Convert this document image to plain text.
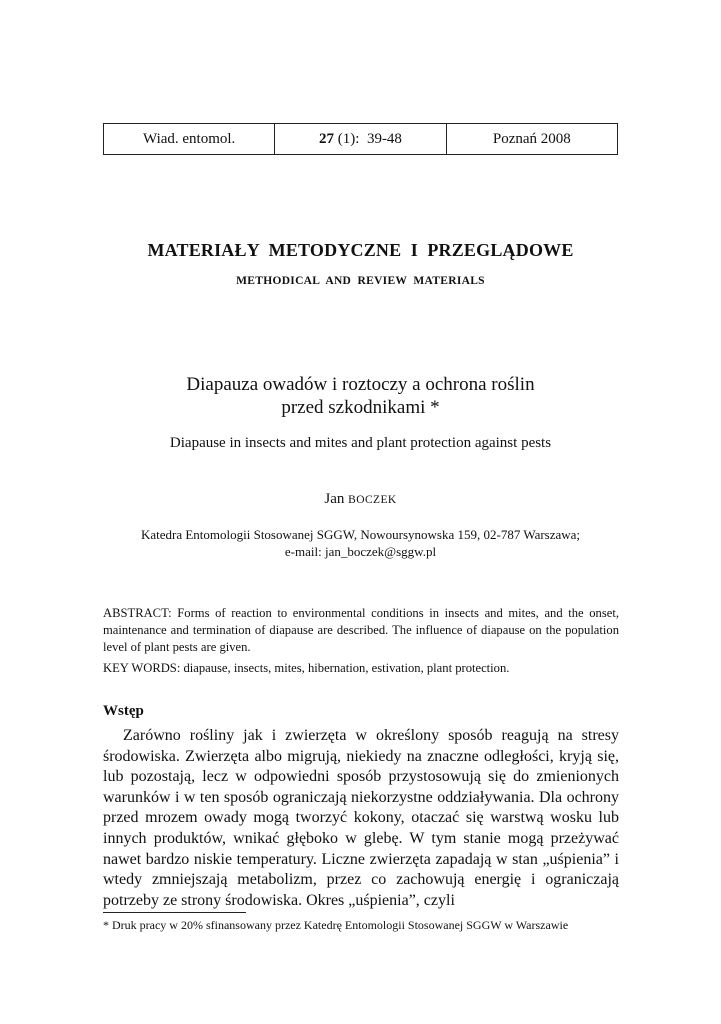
Wiad. entomol.	27 (1):  39-48	Poznań 2008
MATERIAŁY  METODYCZNE  I  PRZEGLĄDOWE
METHODICAL  AND  REVIEW  MATERIALS
Diapauza owadów i roztoczy a ochrona roślin
przed szkodnikami *
Diapause in insects and mites and plant protection against pests
Jan BOCZEK
Katedra Entomologii Stosowanej SGGW, Nowoursynowska 159, 02-787 Warszawa;
e-mail: jan_boczek@sggw.pl
ABSTRACT: Forms of reaction to environmental conditions in insects and mites, and the onset, maintenance and termination of diapause are described. The influence of diapause on the population level of plant pests are given.
KEY WORDS: diapause, insects, mites, hibernation, estivation, plant protection.
Wstęp
Zarówno rośliny jak i zwierzęta w określony sposób reagują na stresy środowiska. Zwierzęta albo migrują, niekiedy na znaczne odległości, kryją się, lub pozostają, lecz w odpowiedni sposób przystosowują się do zmienionych warunków i w ten sposób ograniczają niekorzystne oddziaływania. Dla ochrony przed mrozem owady mogą tworzyć kokony, otaczać się warstwą wosku lub innych produktów, wnikać głęboko w glebę. W tym stanie mogą przeżywać nawet bardzo niskie temperatury. Liczne zwierzęta zapadają w stan „uśpienia” i wtedy zmniejszają metabolizm, przez co zachowują energię i ograniczają potrzeby ze strony środowiska. Okres „uśpienia”, czyli
* Druk pracy w 20% sfinansowany przez Katedrę Entomologii Stosowanej SGGW w Warszawie
